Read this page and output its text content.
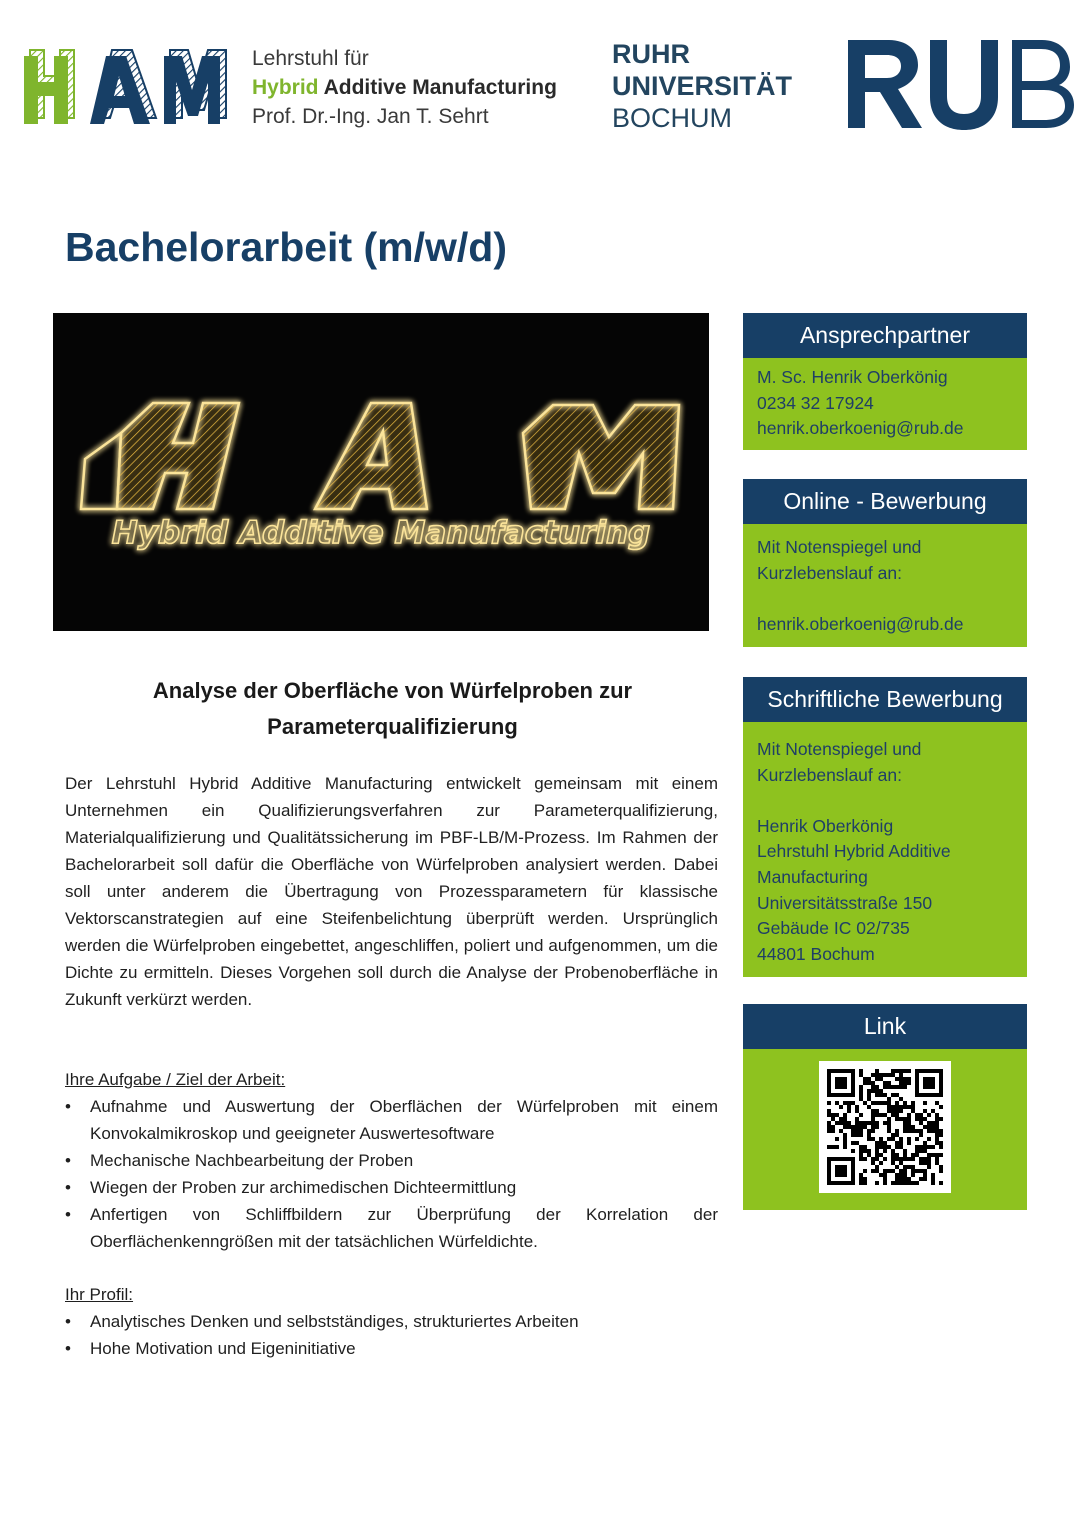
Lehrstuhl für
Hybrid Additive Manufacturing
Prof. Dr.-Ing. Jan T. Sehrt
RUHR
UNIVERSITÄT
BOCHUM
Bachelorarbeit (m/w/d)
Hybrid Additive Manufacturing
Analyse der Oberfläche von Würfelproben zur
Parameterqualifizierung

Der Lehrstuhl Hybrid Additive Manufacturing entwickelt gemeinsam mit einem Unternehmen ein Qualifizierungsverfahren zur Parameterqualifizierung, Materialqualifizierung und Qualitätssicherung im PBF-LB/M-Prozess. Im Rahmen der Bachelorarbeit soll dafür die Oberfläche von Würfelproben analysiert werden. Dabei soll unter anderem die Übertragung von Prozessparametern für klassische Vektorscanstrategien auf eine Steifenbelichtung überprüft werden. Ursprünglich werden die Würfelproben eingebettet, angeschliffen, poliert und aufgenommen, um die Dichte zu ermitteln. Dieses Vorgehen soll durch die Analyse der Probenoberfläche in Zukunft verkürzt werden.

Ihre Aufgabe / Ziel der Arbeit:
• Aufnahme und Auswertung der Oberflächen der Würfelproben mit einem Konvokalmikroskop und geeigneter Auswertesoftware
• Mechanische Nachbearbeitung der Proben
• Wiegen der Proben zur archimedischen Dichteermittlung
• Anfertigen von Schliffbildern zur Überprüfung der Korrelation der Oberflächenkenngrößen mit der tatsächlichen Würfeldichte.
Ihr Profil:
• Analytisches Denken und selbstständiges, strukturiertes Arbeiten
• Hohe Motivation und Eigeninitiative
Ansprechpartner
M. Sc. Henrik Oberkönig
0234 32 17924
henrik.oberkoenig@rub.de
Online - Bewerbung
Mit Notenspiegel und
Kurzlebenslauf an:
henrik.oberkoenig@rub.de
Schriftliche Bewerbung
Mit Notenspiegel und
Kurzlebenslauf an:
Henrik Oberkönig
Lehrstuhl Hybrid Additive
Manufacturing
Universitätsstraße 150
Gebäude IC 02/735
44801 Bochum
Link
